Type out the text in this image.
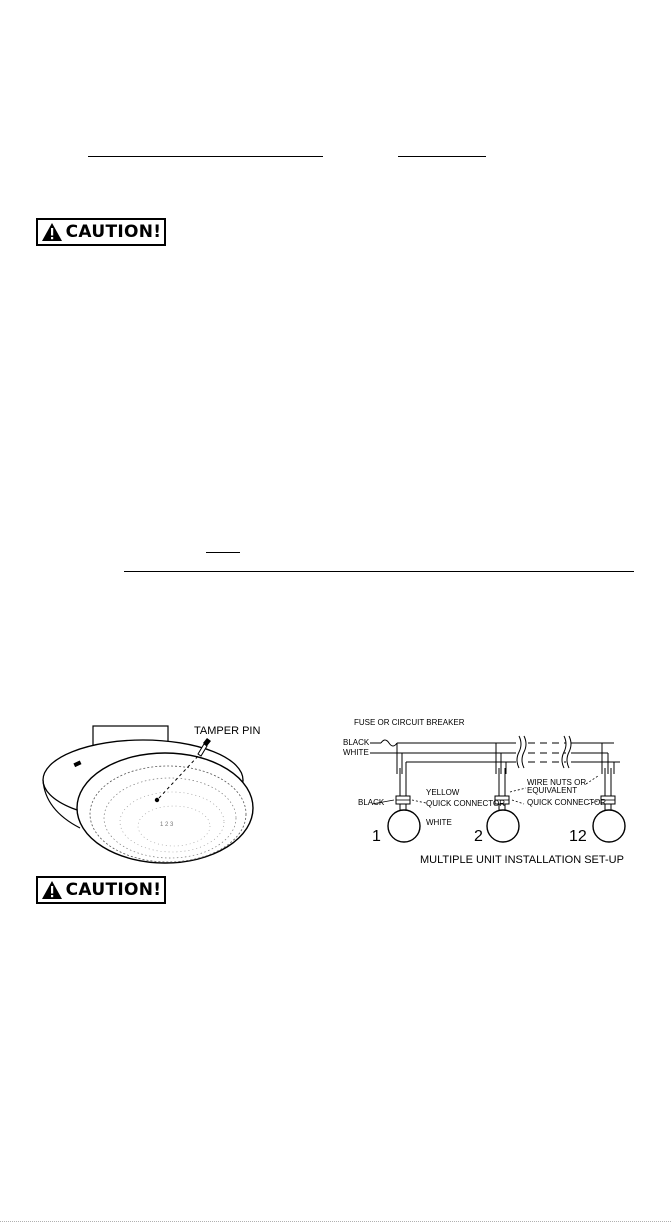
CAUTION!
1 2 3
TAMPER PIN
FUSE OR CIRCUIT BREAKER
BLACK
WHITE
YELLOW
BLACK	QUICK CONNECTOR
WHITE
WIRE NUTS OR
EQUIVALENT
QUICK CONNECTOR
1	2	12
MULTIPLE UNIT INSTALLATION SET-UP
CAUTION!
